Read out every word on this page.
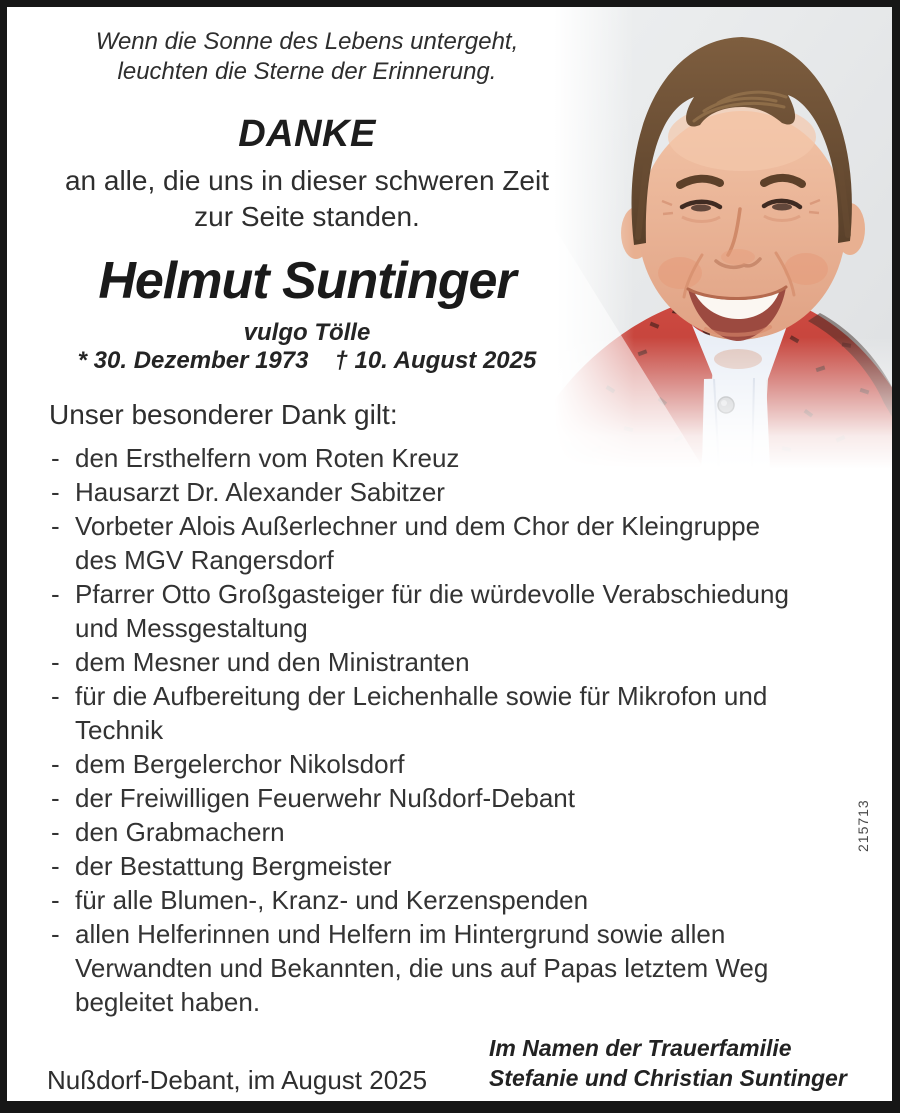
Wenn die Sonne des Lebens untergeht,
leuchten die Sterne der Erinnerung.
DANKE
an alle, die uns in dieser schweren Zeit
zur Seite standen.
Helmut Suntinger
vulgo Tölle
* 30. Dezember 1973 † 10. August 2025
Unser besonderer Dank gilt:
- den Ersthelfern vom Roten Kreuz
- Hausarzt Dr. Alexander Sabitzer
- Vorbeter Alois Außerlechner und dem Chor der Kleingruppe
des MGV Rangersdorf
- Pfarrer Otto Großgasteiger für die würdevolle Verabschiedung
und Messgestaltung
- dem Mesner und den Ministranten
- für die Aufbereitung der Leichenhalle sowie für Mikrofon und
Technik
- dem Bergelerchor Nikolsdorf
- der Freiwilligen Feuerwehr Nußdorf-Debant
- den Grabmachern
- der Bestattung Bergmeister
- für alle Blumen-, Kranz- und Kerzenspenden
- allen Helferinnen und Helfern im Hintergrund sowie allen
Verwandten und Bekannten, die uns auf Papas letztem Weg
begleitet haben.
Nußdorf-Debant, im August 2025
Im Namen der Trauerfamilie
Stefanie und Christian Suntinger
215713
